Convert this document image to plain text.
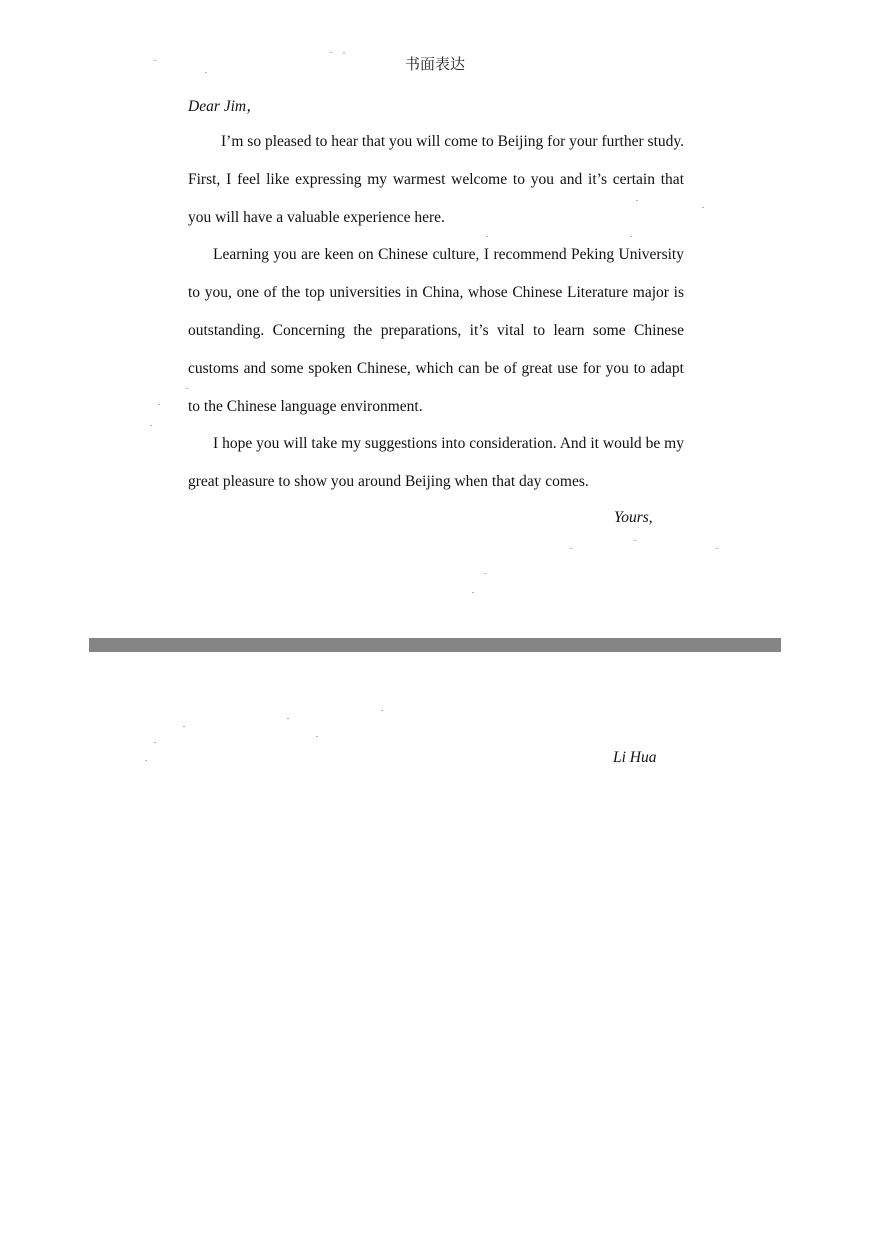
书面表达
Dear Jim，

I’m so pleased to hear that you will come to Beijing for your further study. First, I feel like expressing my warmest welcome to you and it’s certain that you will have a valuable experience here.

Learning you are keen on Chinese culture, I recommend Peking University to you, one of the top universities in China, whose Chinese Literature major is outstanding. Concerning the preparations, it’s vital to learn some Chinese customs and some spoken Chinese, which can be of great use for you to adapt to the Chinese language environment.

I hope you will take my suggestions into consideration. And it would be my great pleasure to show you around Beijing when that day comes.

Yours,
Li Hua
